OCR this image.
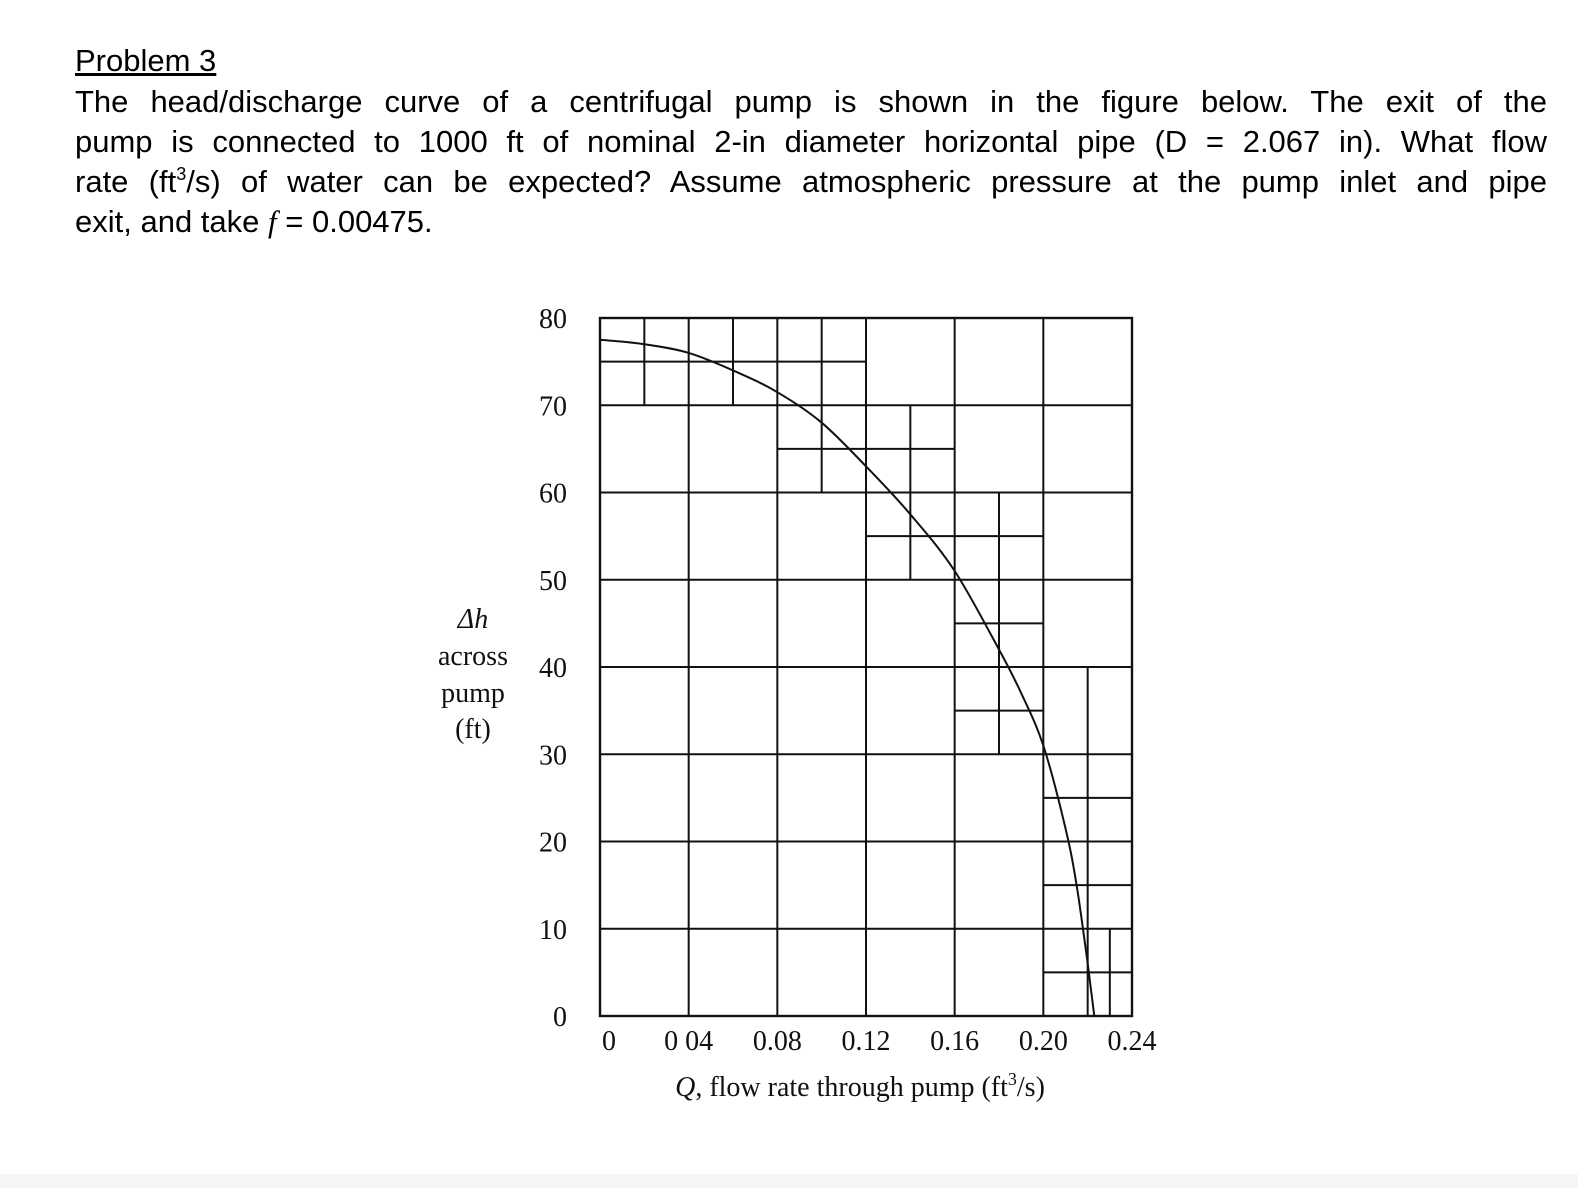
Problem 3
The head/discharge curve of a centrifugal pump is shown in the figure below. The exit of the
pump is connected to 1000 ft of nominal 2-in diameter horizontal pipe (D = 2.067 in). What flow
rate $(ft^3/s)$ of water can be expected? Assume atmospheric pressure at the pump inlet and pipe
exit, and take f = 0.00475.
0
10
20
30
40
50
60
70
80
0 0 04 0.08 0.12 0.16 0.20 0.24
Δh
across
pump
(ft)
Q, flow rate through pump $(ft^3/s)$
